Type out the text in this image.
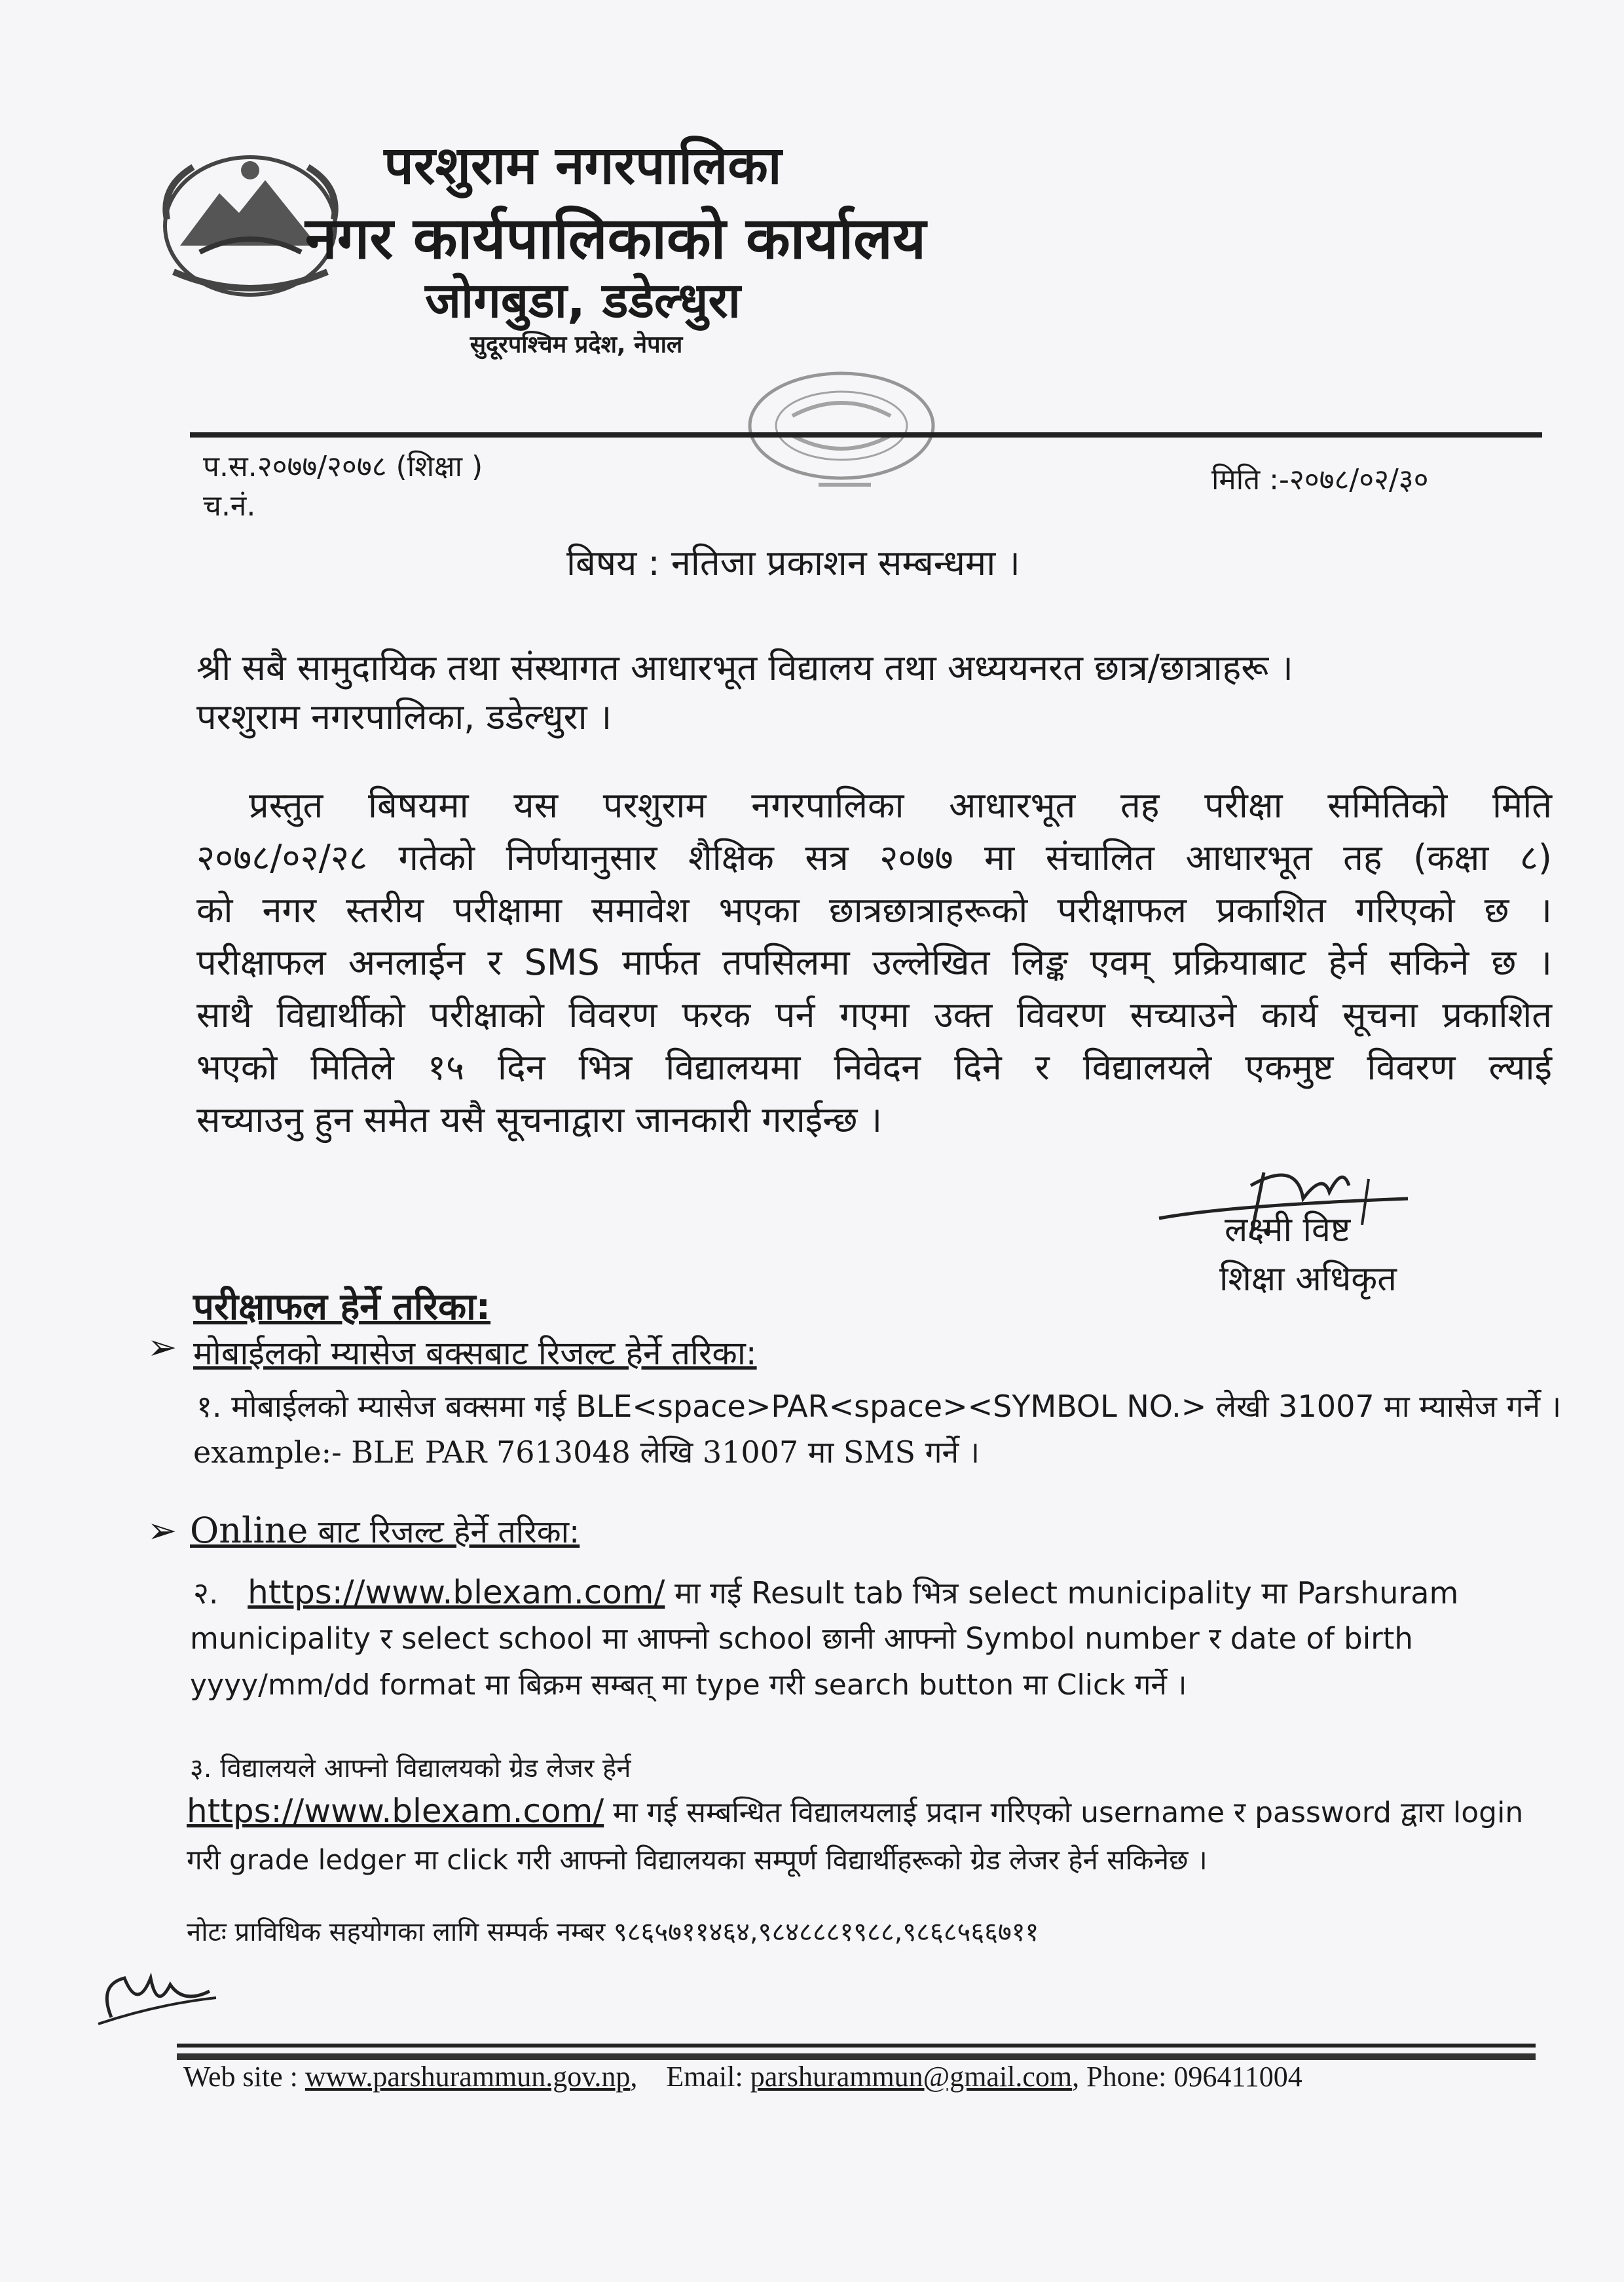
परशुराम नगरपालिका
नगर कार्यपालिकाको कार्यालय
जोगबुडा, डडेल्धुरा
सुदूरपश्चिम प्रदेश, नेपाल
प.स.२०७७/२०७८ (शिक्षा )
च.नं.
मिति :-२०७८/०२/३०
बिषय : नतिजा प्रकाशन सम्बन्धमा ।
श्री सबै सामुदायिक तथा संस्थागत आधारभूत विद्यालय तथा अध्ययनरत छात्र/छात्राहरू ।
परशुराम नगरपालिका, डडेल्धुरा ।

प्रस्तुत बिषयमा यस परशुराम नगरपालिका आधारभूत तह परीक्षा समितिको मिति

२०७८/०२/२८ गतेको निर्णयानुसार शैक्षिक सत्र २०७७ मा संचालित आधारभूत तह (कक्षा ८)

को नगर स्तरीय परीक्षामा समावेश भएका छात्रछात्राहरूको परीक्षाफल प्रकाशित गरिएको छ ।

परीक्षाफल अनलाईन र SMS मार्फत तपसिलमा उल्लेखित लिङ्क एवम् प्रक्रियाबाट हेर्न सकिने छ ।

साथै विद्यार्थीको परीक्षाको विवरण फरक पर्न गएमा उक्त विवरण सच्याउने कार्य सूचना प्रकाशित

भएको मितिले १५ दिन भित्र विद्यालयमा निवेदन दिने र विद्यालयले एकमुष्ट विवरण ल्याई

सच्याउनु हुन समेत यसै सूचनाद्वारा जानकारी गराईन्छ ।

लक्ष्मी विष्ट
शिक्षा अधिकृत
परीक्षाफल हेर्ने तरिका:
➢ मोबाईलको म्यासेज बक्सबाट रिजल्ट हेर्ने तरिका:
१. मोबाईलको म्यासेज बक्समा गई BLE<space>PAR<space><SYMBOL NO.> लेखी 31007 मा म्यासेज गर्ने ।
example:- BLE PAR 7613048 लेखि 31007 मा SMS गर्ने ।
➢ Online बाट रिजल्ट हेर्ने तरिका:
२. https://www.blexam.com/ मा गई Result tab भित्र select municipality मा Parshuram
municipality र select school मा आफ्नो school छानी आफ्नो Symbol number र date of birth
yyyy/mm/dd format मा बिक्रम सम्बत् मा type गरी search button मा Click गर्ने ।
३. विद्यालयले आफ्नो विद्यालयको ग्रेड लेजर हेर्न
https://www.blexam.com/ मा गई सम्बन्धित विद्यालयलाई प्रदान गरिएको username र password द्वारा login
गरी grade ledger मा click गरी आफ्नो विद्यालयका सम्पूर्ण विद्यार्थीहरूको ग्रेड लेजर हेर्न सकिनेछ ।
नोटः प्राविधिक सहयोगका लागि सम्पर्क नम्बर ९८६५७११४६४,९८४८८८१९८८,९८६८५६६७११
Web site : www.parshurammun.gov.np,    Email: parshurammun@gmail.com, Phone: 096411004
